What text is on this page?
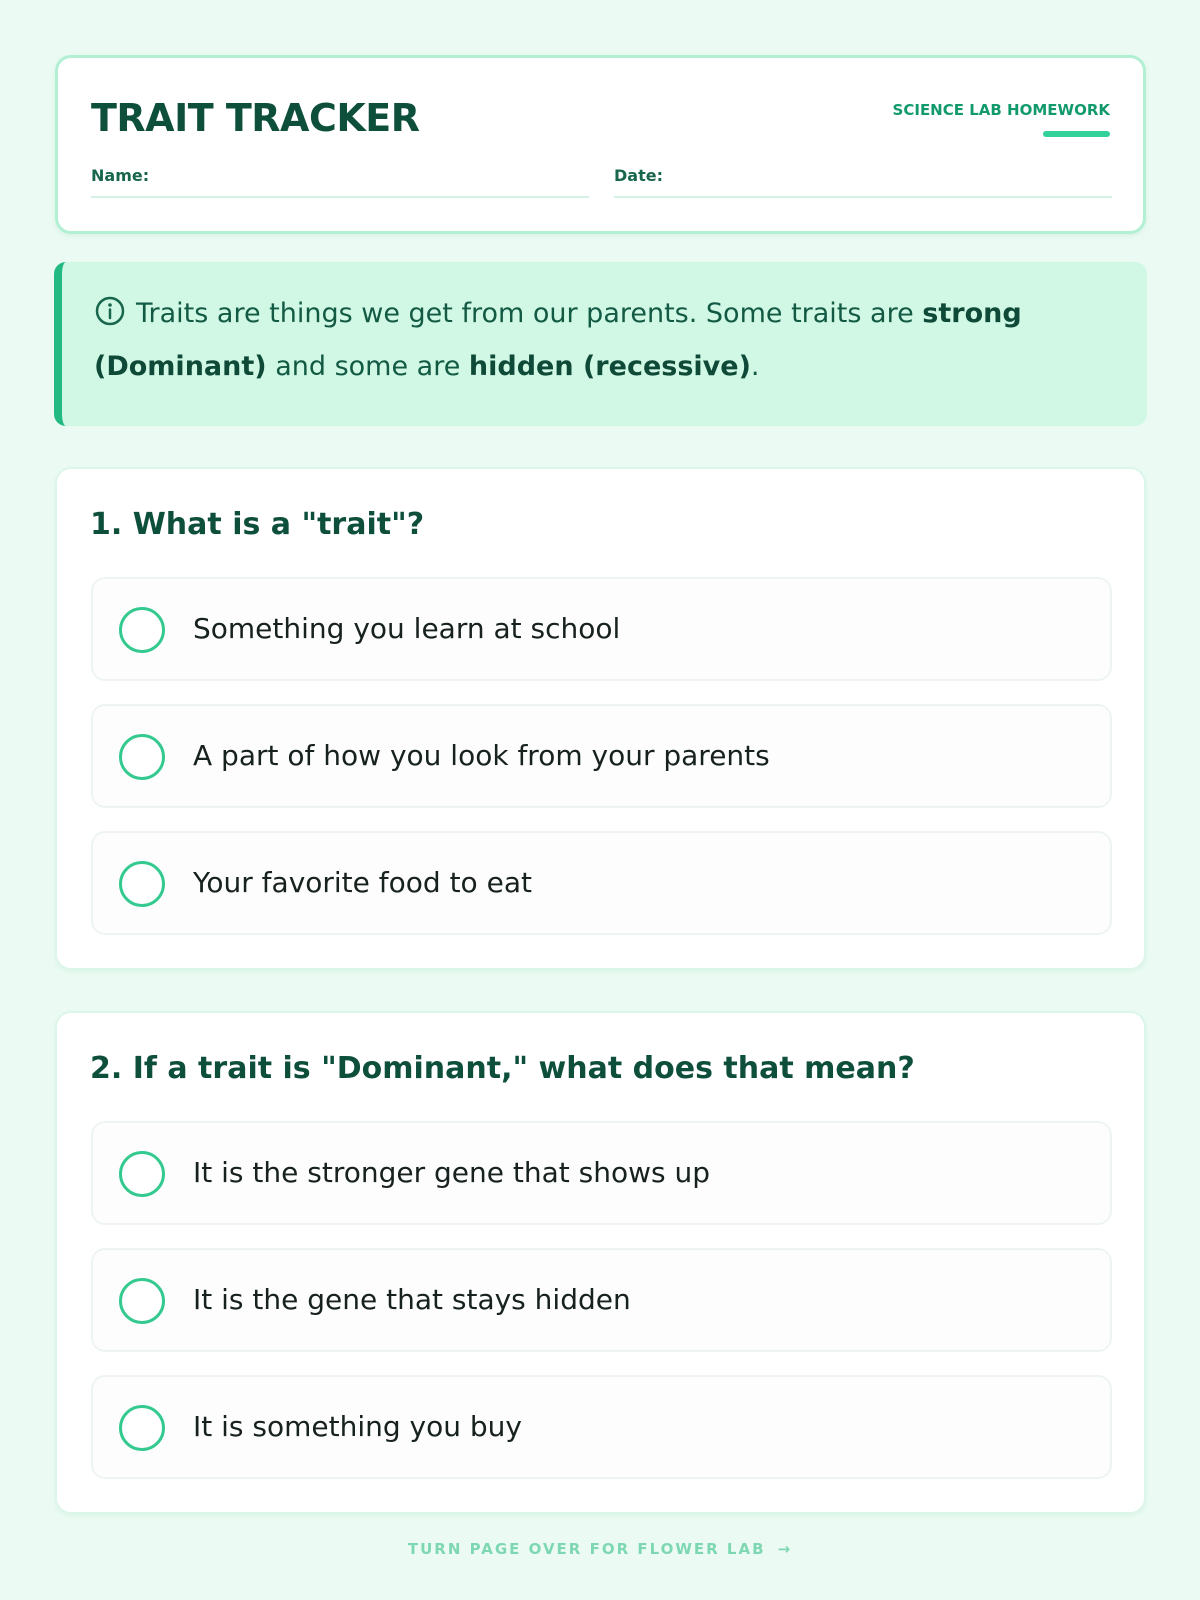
TRAIT TRACKER	SCIENCE LAB HOMEWORK
Name:	Date:
Traits are things we get from our parents. Some traits are strong (Dominant) and some are hidden (recessive).
1. What is a "trait"?
Something you learn at school
A part of how you look from your parents
Your favorite food to eat
2. If a trait is "Dominant," what does that mean?
It is the stronger gene that shows up
It is the gene that stays hidden
It is something you buy
TURN PAGE OVER FOR FLOWER LAB →
